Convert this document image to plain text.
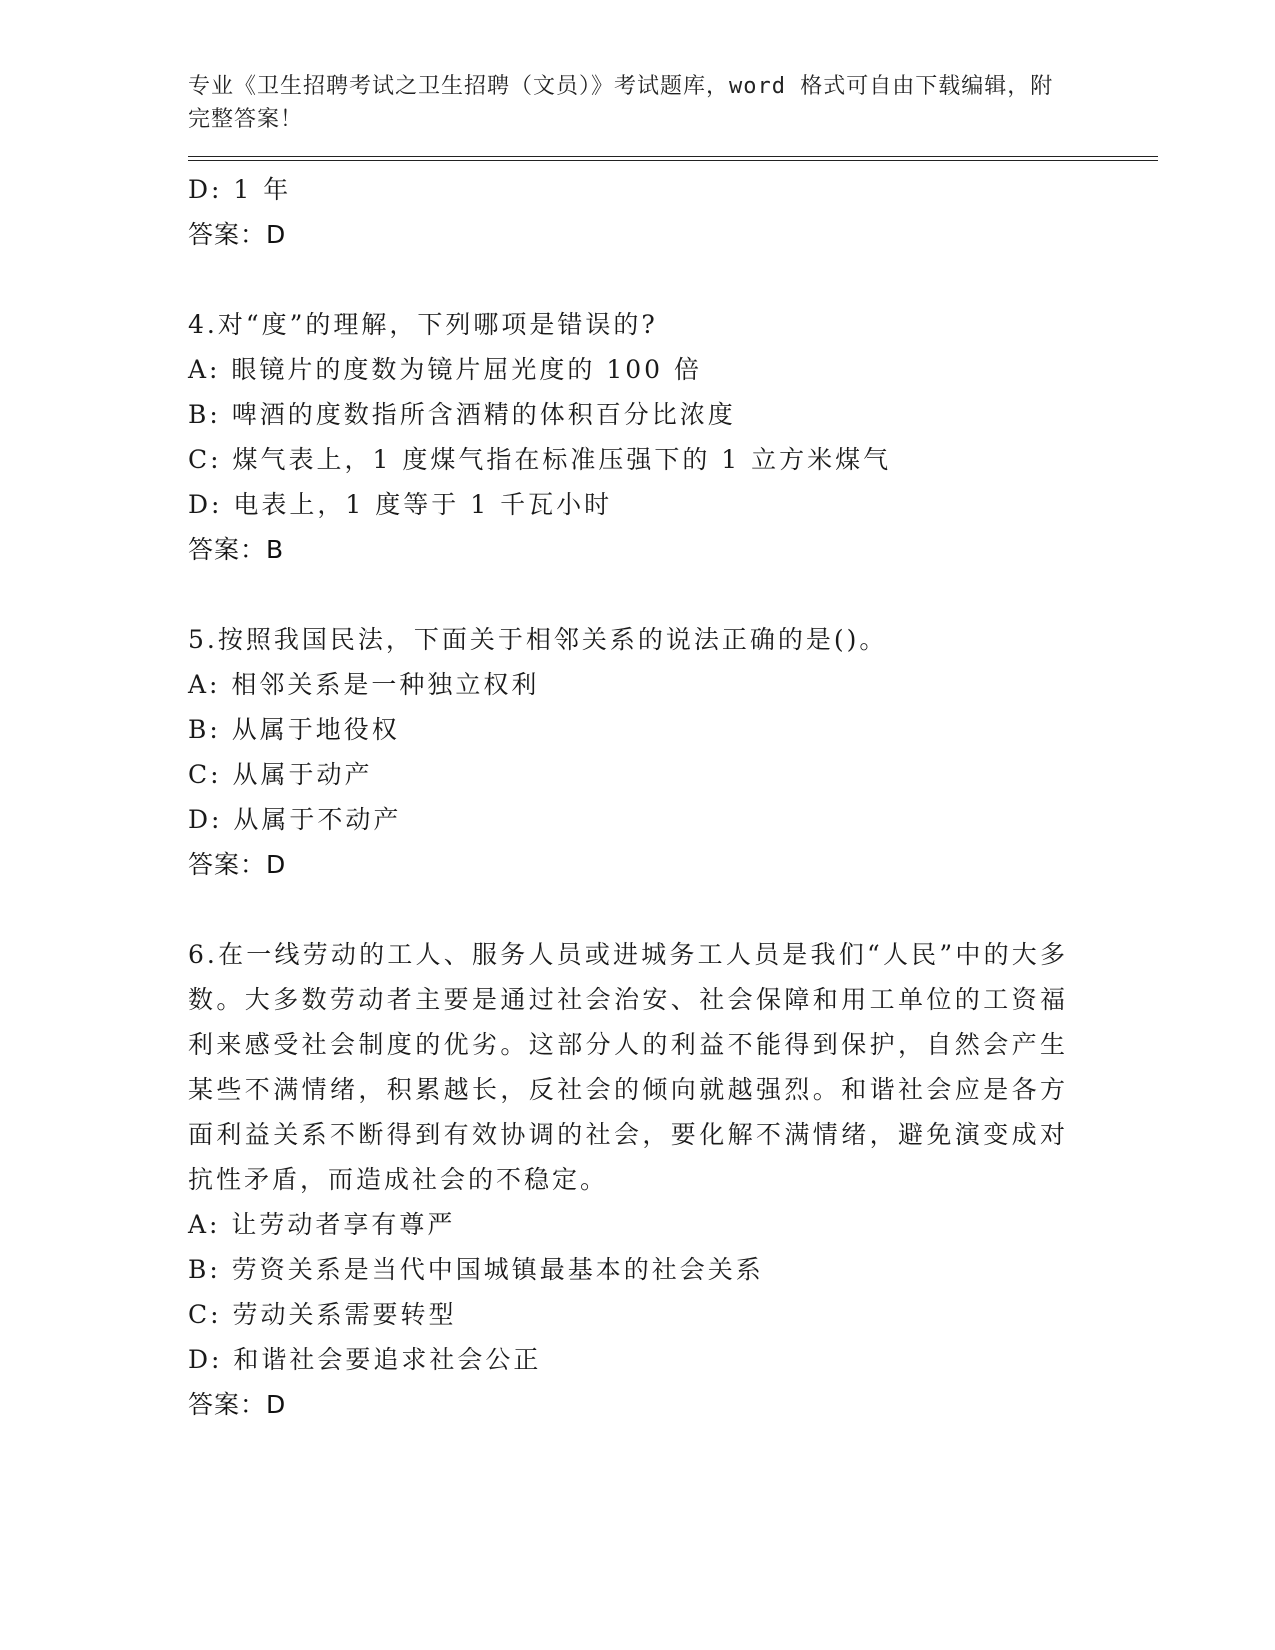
专业《卫生招聘考试之卫生招聘（文员）》考试题库，word 格式可自由下载编辑，附完整答案！
D: 1 年
答案：D
4.对“度”的理解，下列哪项是错误的?
A: 眼镜片的度数为镜片屈光度的 100 倍
B: 啤酒的度数指所含酒精的体积百分比浓度
C: 煤气表上，1 度煤气指在标准压强下的 1 立方米煤气
D: 电表上，1 度等于 1 千瓦小时
答案：B
5.按照我国民法，下面关于相邻关系的说法正确的是()。
A: 相邻关系是一种独立权利
B: 从属于地役权
C: 从属于动产
D: 从属于不动产
答案：D
6.在一线劳动的工人、服务人员或进城务工人员是我们“人民”中的大多数。大多数劳动者主要是通过社会治安、社会保障和用工单位的工资福利来感受社会制度的优劣。这部分人的利益不能得到保护，自然会产生某些不满情绪，积累越长，反社会的倾向就越强烈。和谐社会应是各方面利益关系不断得到有效协调的社会，要化解不满情绪，避免演变成对抗性矛盾，而造成社会的不稳定。
A: 让劳动者享有尊严
B: 劳资关系是当代中国城镇最基本的社会关系
C: 劳动关系需要转型
D: 和谐社会要追求社会公正
答案：D
